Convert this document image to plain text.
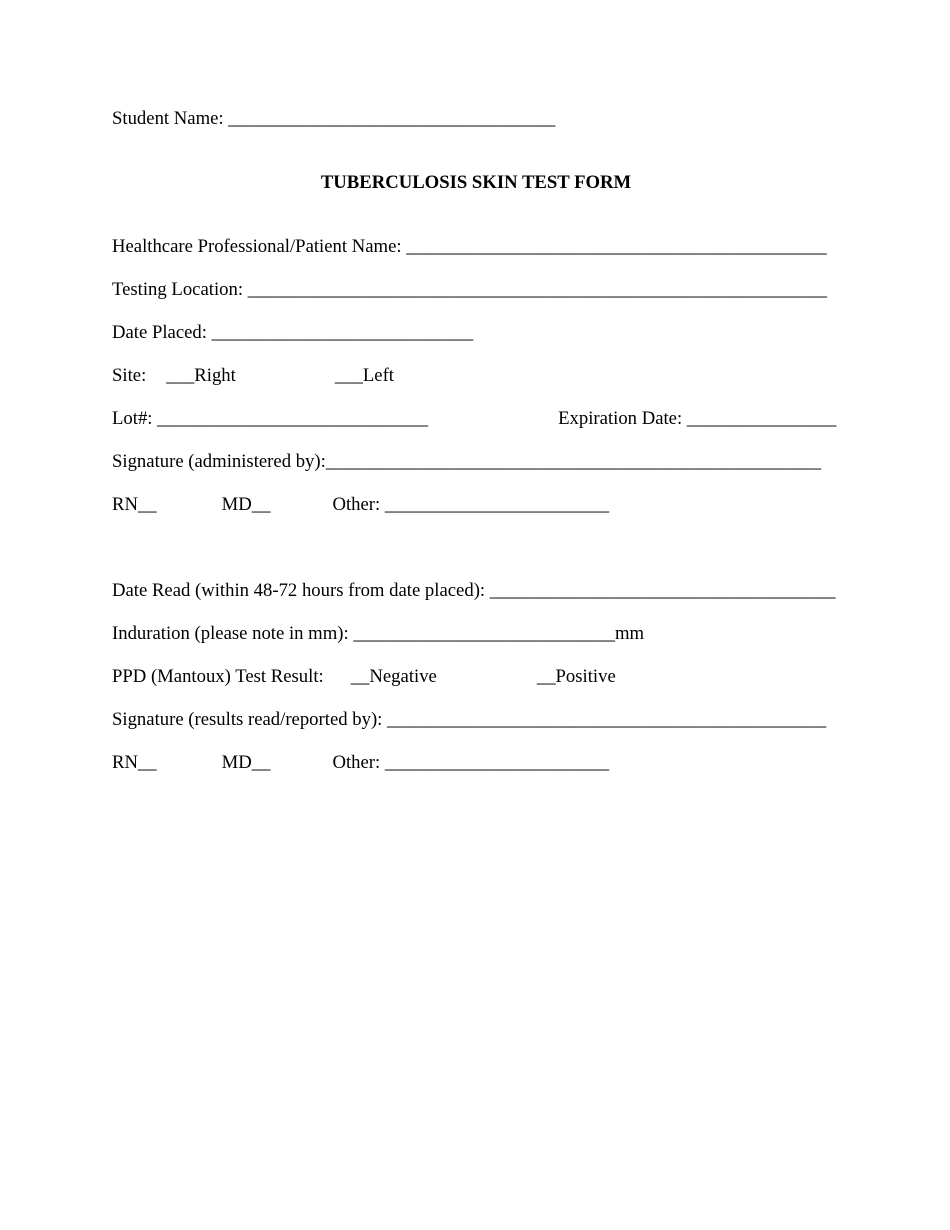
Student Name: ___________________________________

TUBERCULOSIS SKIN TEST FORM

Healthcare Professional/Patient Name: _____________________________________________

Testing Location: ______________________________________________________________

Date Placed: ____________________________

Site: ___Right	___Left

Lot#: _____________________________	Expiration Date: ________________

Signature (administered by):_____________________________________________________

RN__	MD__	Other: ________________________

Date Read (within 48-72 hours from date placed): _____________________________________

Induration (please note in mm): ____________________________mm

PPD (Mantoux) Test Result: __Negative	__Positive

Signature (results read/reported by): _______________________________________________

RN__	MD__	Other: ________________________
